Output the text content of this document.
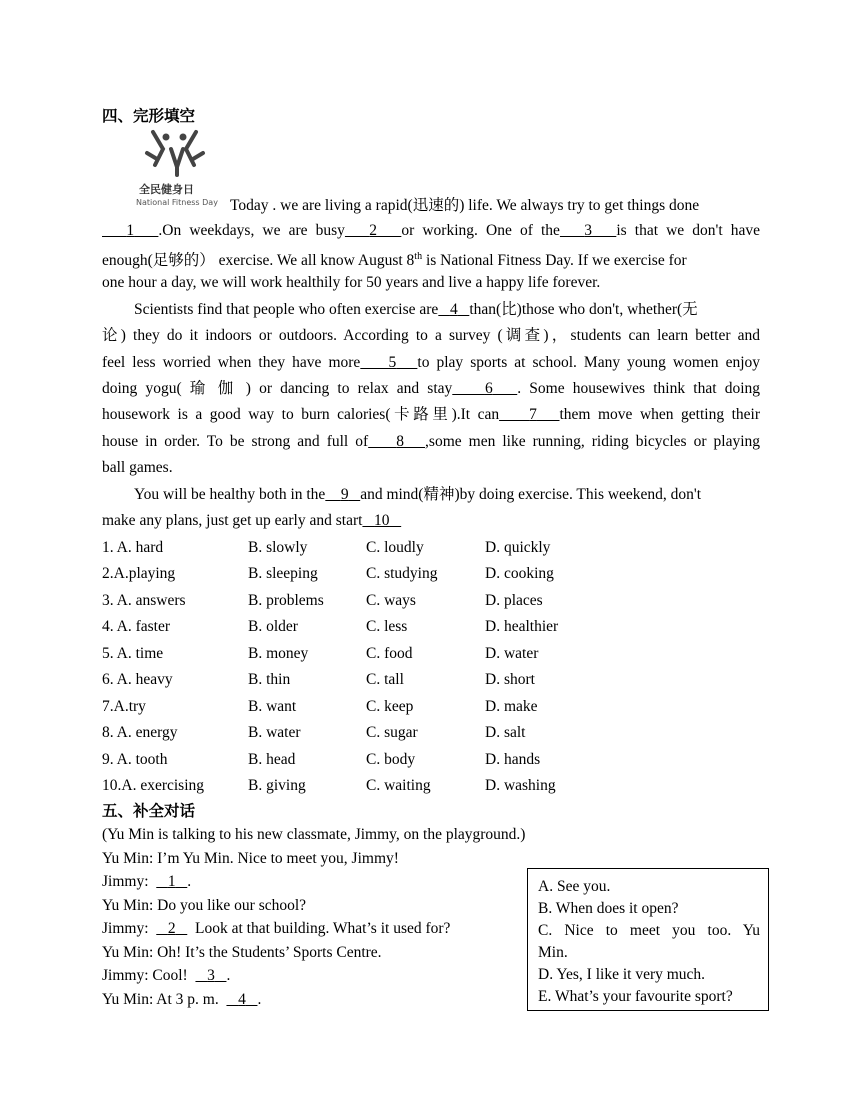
四、完形填空
全民健身日
National Fitness Day Today . we are living a rapid(迅速的) life. We always try to get things done
1 .On weekdays, we are busy 2 or working. One of the 3 is that we don't have
enough(足够的） exercise. We all know August 8th is National Fitness Day. If we exercise for
one hour a day, we will work healthily for 50 years and live a happy life forever.
Scientists find that people who often exercise are 4 than(比)those who don't, whether(无
论) they do it indoors or outdoors. According to a survey (调查)，students can learn better and
feel less worried when they have more 5 to play sports at school. Many young women enjoy
doing yogu( 瑜 伽 ) or dancing to relax and stay 6 . Some housewives think that doing
housework is a good way to burn calories(卡路里).It can 7 them move when getting their
house in order. To be strong and full of 8 ,some men like running, riding bicycles or playing
ball games.
You will be healthy both in the 9 and mind(精神)by doing exercise. This weekend, don't
make any plans, just get up early and start 10
1. A. hard	B. slowly	C. loudly	D. quickly
2.A.playing	B. sleeping	C. studying	D. cooking
3. A. answers	B. problems	C. ways	D. places
4. A. faster	B. older	C. less	D. healthier
5. A. time	B. money	C. food	D. water
6. A. heavy	B. thin	C. tall	D. short
7.A.try	B. want	C. keep	D. make
8. A. energy	B. water	C. sugar	D. salt
9. A. tooth	B. head	C. body	D. hands
10.A. exercising	B. giving	C. waiting	D. washing
五、补全对话
(Yu Min is talking to his new classmate, Jimmy, on the playground.)
Yu Min: I’m Yu Min. Nice to meet you, Jimmy!
Jimmy:     1 .
Yu Min: Do you like our school?
Jimmy:     2     Look at that building. What’s it used for?
Yu Min: Oh! It’s the Students’ Sports Centre.
Jimmy: Cool!     3 .
Yu Min: At 3 p. m.     4 .
A. See you.
B. When does it open?
C. Nice to meet you too. Yu
Min.
D. Yes, I like it very much.
E. What’s your favourite sport?
